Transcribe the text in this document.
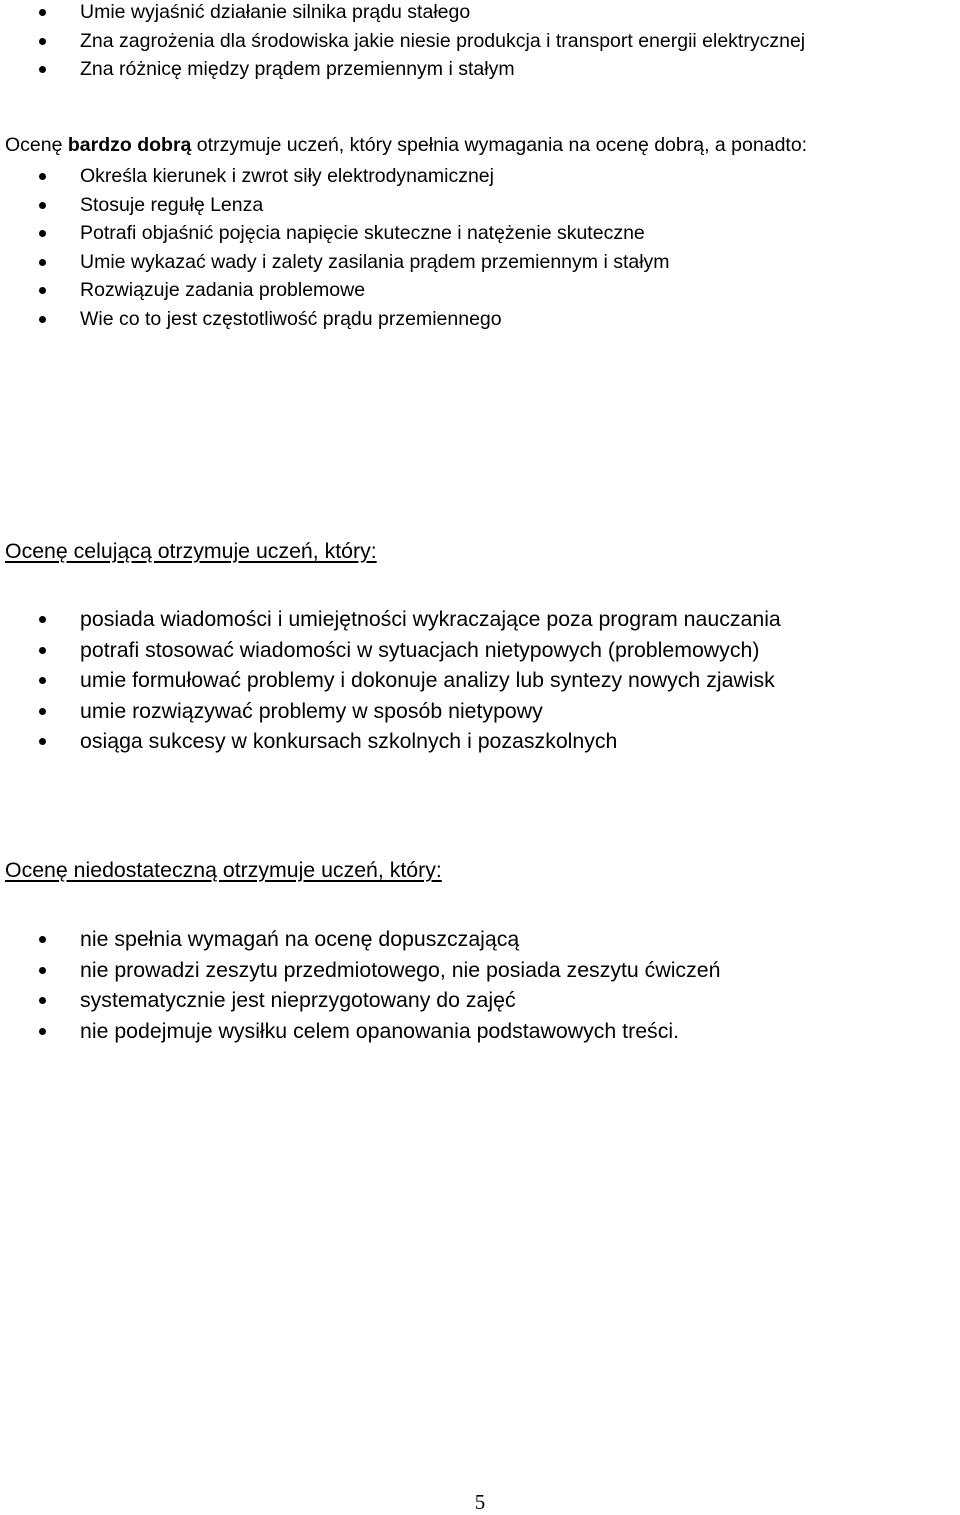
Umie wyjaśnić działanie silnika prądu stałego
Zna zagrożenia dla środowiska jakie niesie produkcja i transport energii elektrycznej
Zna różnicę między prądem przemiennym i stałym

Ocenę bardzo dobrą otrzymuje uczeń, który spełnia wymagania na ocenę dobrą, a ponadto:

Określa kierunek i zwrot siły elektrodynamicznej
Stosuje regułę Lenza
Potrafi objaśnić pojęcia napięcie skuteczne i natężenie skuteczne
Umie wykazać wady i zalety zasilania prądem przemiennym i stałym
Rozwiązuje zadania problemowe
Wie co to jest częstotliwość prądu przemiennego

Ocenę celującą otrzymuje uczeń, który:

posiada wiadomości i umiejętności wykraczające poza program nauczania
potrafi stosować wiadomości w sytuacjach nietypowych (problemowych)
umie formułować problemy i dokonuje analizy lub syntezy nowych zjawisk
umie rozwiązywać problemy w sposób nietypowy
osiąga sukcesy w konkursach szkolnych i pozaszkolnych

Ocenę niedostateczną otrzymuje uczeń, który:

nie spełnia wymagań na ocenę dopuszczającą
nie prowadzi zeszytu przedmiotowego, nie posiada zeszytu ćwiczeń
systematycznie jest nieprzygotowany do zajęć
nie podejmuje wysiłku celem opanowania podstawowych treści.
5
